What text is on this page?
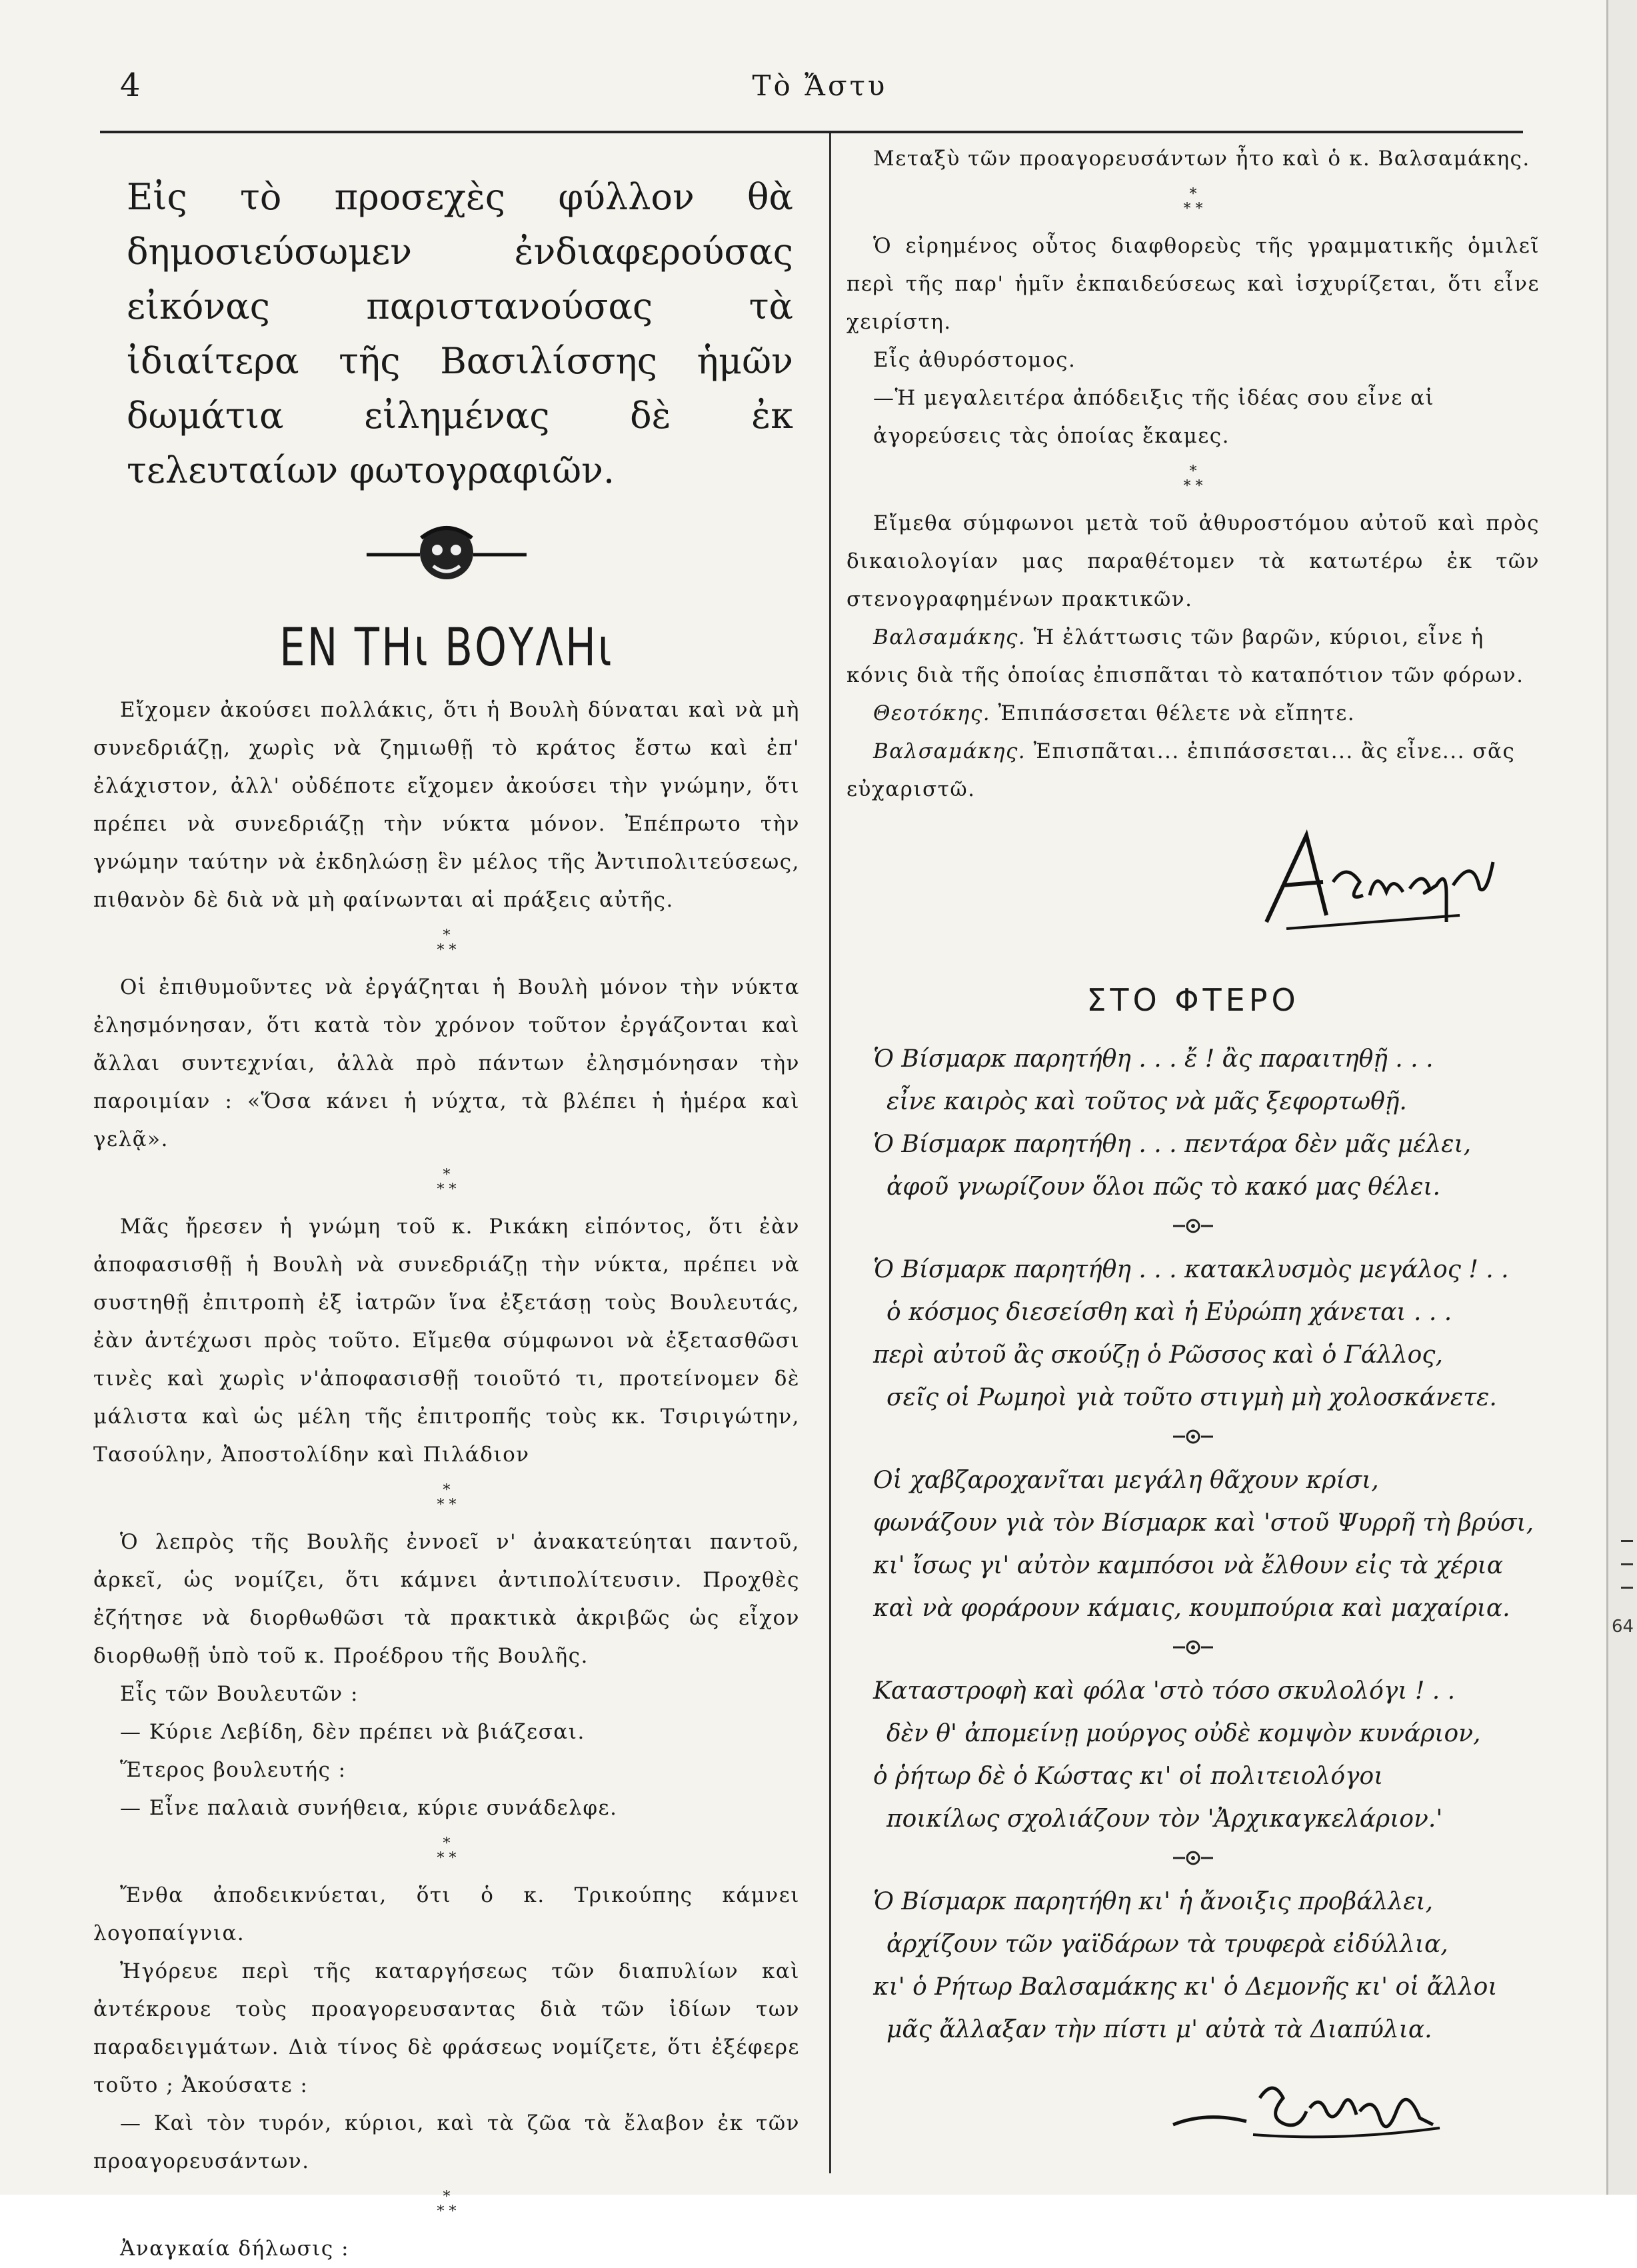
64
4	Τὸ Ἄστυ

Εἰς τὸ προσεχὲς φύλλον θὰ δημοσιεύσωμεν ἐνδιαφερούσας εἰκόνας παριστανούσας τὰ ἰδιαίτερα τῆς Βασιλίσσης ἡμῶν δωμάτια εἰλημένας δὲ ἐκ τελευταίων φωτογραφιῶν.

ΕΝ ΤΗι ΒΟΥΛΗι

Εἴχομεν ἀκούσει πολλάκις, ὅτι ἡ Βουλὴ δύναται καὶ νὰ μὴ συνεδριάζῃ, χωρὶς νὰ ζημιωθῇ τὸ κράτος ἔστω καὶ ἐπ' ἐλάχιστον, ἀλλ' οὐδέποτε εἴχομεν ἀκούσει τὴν γνώμην, ὅτι πρέπει νὰ συνεδριάζῃ τὴν νύκτα μόνον. Ἐπέπρωτο τὴν γνώμην ταύτην νὰ ἐκδηλώσῃ ἓν μέλος τῆς Ἀντιπολιτεύσεως, πιθανὸν δὲ διὰ νὰ μὴ φαίνωνται αἱ πράξεις αὐτῆς.

*
* *

Οἱ ἐπιθυμοῦντες νὰ ἐργάζηται ἡ Βουλὴ μόνον τὴν νύκτα ἐλησμόνησαν, ὅτι κατὰ τὸν χρόνον τοῦτον ἐργάζονται καὶ ἄλλαι συντεχνίαι, ἀλλὰ πρὸ πάντων ἐλησμόνησαν τὴν παροιμίαν : «Ὅσα κάνει ἡ νύχτα, τὰ βλέπει ἡ ἡμέρα καὶ γελᾷ».

*
* *

Μᾶς ἤρεσεν ἡ γνώμη τοῦ κ. Ρικάκη εἰπόντος, ὅτι ἐὰν ἀποφασισθῇ ἡ Βουλὴ νὰ συνεδριάζῃ τὴν νύκτα, πρέπει νὰ συστηθῇ ἐπιτροπὴ ἐξ ἰατρῶν ἵνα ἐξετάσῃ τοὺς Βουλευτάς, ἐὰν ἀντέχωσι πρὸς τοῦτο. Εἴμεθα σύμφωνοι νὰ ἐξετασθῶσι τινὲς καὶ χωρὶς ν'ἀποφασισθῇ τοιοῦτό τι, προτείνομεν δὲ μάλιστα καὶ ὡς μέλη τῆς ἐπιτροπῆς τοὺς κκ. Τσιριγώτην, Τασούλην, Ἀποστολίδην καὶ Πιλάδιον

*
* *

Ὁ λεπρὸς τῆς Βουλῆς ἐννοεῖ ν' ἀνακατεύηται παντοῦ, ἀρκεῖ, ὡς νομίζει, ὅτι κάμνει ἀντιπολίτευσιν. Προχθὲς ἐζήτησε νὰ διορθωθῶσι τὰ πρακτικὰ ἀκριβῶς ὡς εἶχον διορθωθῇ ὑπὸ τοῦ κ. Προέδρου τῆς Βουλῆς.

Εἷς τῶν Βουλευτῶν :

— Κύριε Λεβίδη, δὲν πρέπει νὰ βιάζεσαι.

Ἕτερος βουλευτής :

— Εἶνε παλαιὰ συνήθεια, κύριε συνάδελφε.

*
* *

Ἔνθα ἀποδεικνύεται, ὅτι ὁ κ. Τρικούπης κάμνει λογοπαίγνια.

Ἠγόρευε περὶ τῆς καταργήσεως τῶν διαπυλίων καὶ ἀντέκρουε τοὺς προαγορευσαντας διὰ τῶν ἰδίων των παραδειγμάτων. Διὰ τίνος δὲ φράσεως νομίζετε, ὅτι ἐξέφερε τοῦτο ; Ἀκούσατε :

— Καὶ τὸν τυρόν, κύριοι, καὶ τὰ ζῶα τὰ ἔλαβον ἐκ τῶν προαγορευσάντων.

*
* *

Ἀναγκαία δήλωσις :

Μεταξὺ τῶν προαγορευσάντων ἦτο καὶ ὁ κ. Βαλσαμάκης.

*
* *

Ὁ εἰρημένος οὗτος διαφθορεὺς τῆς γραμματικῆς ὁμιλεῖ περὶ τῆς παρ' ἡμῖν ἐκπαιδεύσεως καὶ ἰσχυρίζεται, ὅτι εἶνε χειρίστη.

Εἷς ἀθυρόστομος.

—Ἡ μεγαλειτέρα ἀπόδειξις τῆς ἰδέας σου εἶνε αἱ ἀγορεύσεις τὰς ὁποίας ἔκαμες.

*
* *

Εἴμεθα σύμφωνοι μετὰ τοῦ ἀθυροστόμου αὐτοῦ καὶ πρὸς δικαιολογίαν μας παραθέτομεν τὰ κατωτέρω ἐκ τῶν στενογραφημένων πρακτικῶν.

Βαλσαμάκης. Ἡ ἐλάττωσις τῶν βαρῶν, κύριοι, εἶνε ἡ κόνις διὰ τῆς ὁποίας ἐπισπᾶται τὸ καταπότιον τῶν φόρων.

Θεοτόκης. Ἐπιπάσσεται θέλετε νὰ εἴπητε.

Βαλσαμάκης. Ἐπισπᾶται... ἐπιπάσσεται... ἂς εἶνε... σᾶς εὐχαριστῶ.

ΣΤΟ ΦΤΕΡΟ

Ὁ Βίσμαρκ παρητήθη . . . ἔ ! ἂς παραιτηθῇ . . .

εἶνε καιρὸς καὶ τοῦτος νὰ μᾶς ξεφορτωθῇ.

Ὁ Βίσμαρκ παρητήθη . . . πεντάρα δὲν μᾶς μέλει,

ἀφοῦ γνωρίζουν ὅλοι πῶς τὸ κακό μας θέλει.

Ὁ Βίσμαρκ παρητήθη . . . κατακλυσμὸς μεγάλος ! . .

ὁ κόσμος διεσείσθη καὶ ἡ Εὐρώπη χάνεται . . .

περὶ αὐτοῦ ἂς σκούζῃ ὁ Ρῶσσος καὶ ὁ Γάλλος,

σεῖς οἱ Ρωμηοὶ γιὰ τοῦτο στιγμὴ μὴ χολοσκάνετε.

Οἱ χαβζαροχανῖται μεγάλη θᾶχουν κρίσι,

φωνάζουν γιὰ τὸν Βίσμαρκ καὶ 'στοῦ Ψυρρῆ τὴ βρύσι,

κι' ἴσως γι' αὐτὸν καμπόσοι νὰ ἔλθουν εἰς τὰ χέρια

καὶ νὰ φοράρουν κάμαις, κουμπούρια καὶ μαχαίρια.

Καταστροφὴ καὶ φόλα 'στὸ τόσο σκυλολόγι ! . .

δὲν θ' ἀπομείνῃ μούργος οὐδὲ κομψὸν κυνάριον,

ὁ ῥήτωρ δὲ ὁ Κώστας κι' οἱ πολιτειολόγοι

ποικίλως σχολιάζουν τὸν 'Ἀρχικαγκελάριον.'

Ὁ Βίσμαρκ παρητήθη κι' ἡ ἄνοιξις προβάλλει,

ἀρχίζουν τῶν γαϊδάρων τὰ τρυφερὰ εἰδύλλια,

κι' ὁ Ρήτωρ Βαλσαμάκης κι' ὁ Δεμονῆς κι' οἱ ἄλλοι

μᾶς ἄλλαξαν τὴν πίστι μ' αὐτὰ τὰ Διαπύλια.
